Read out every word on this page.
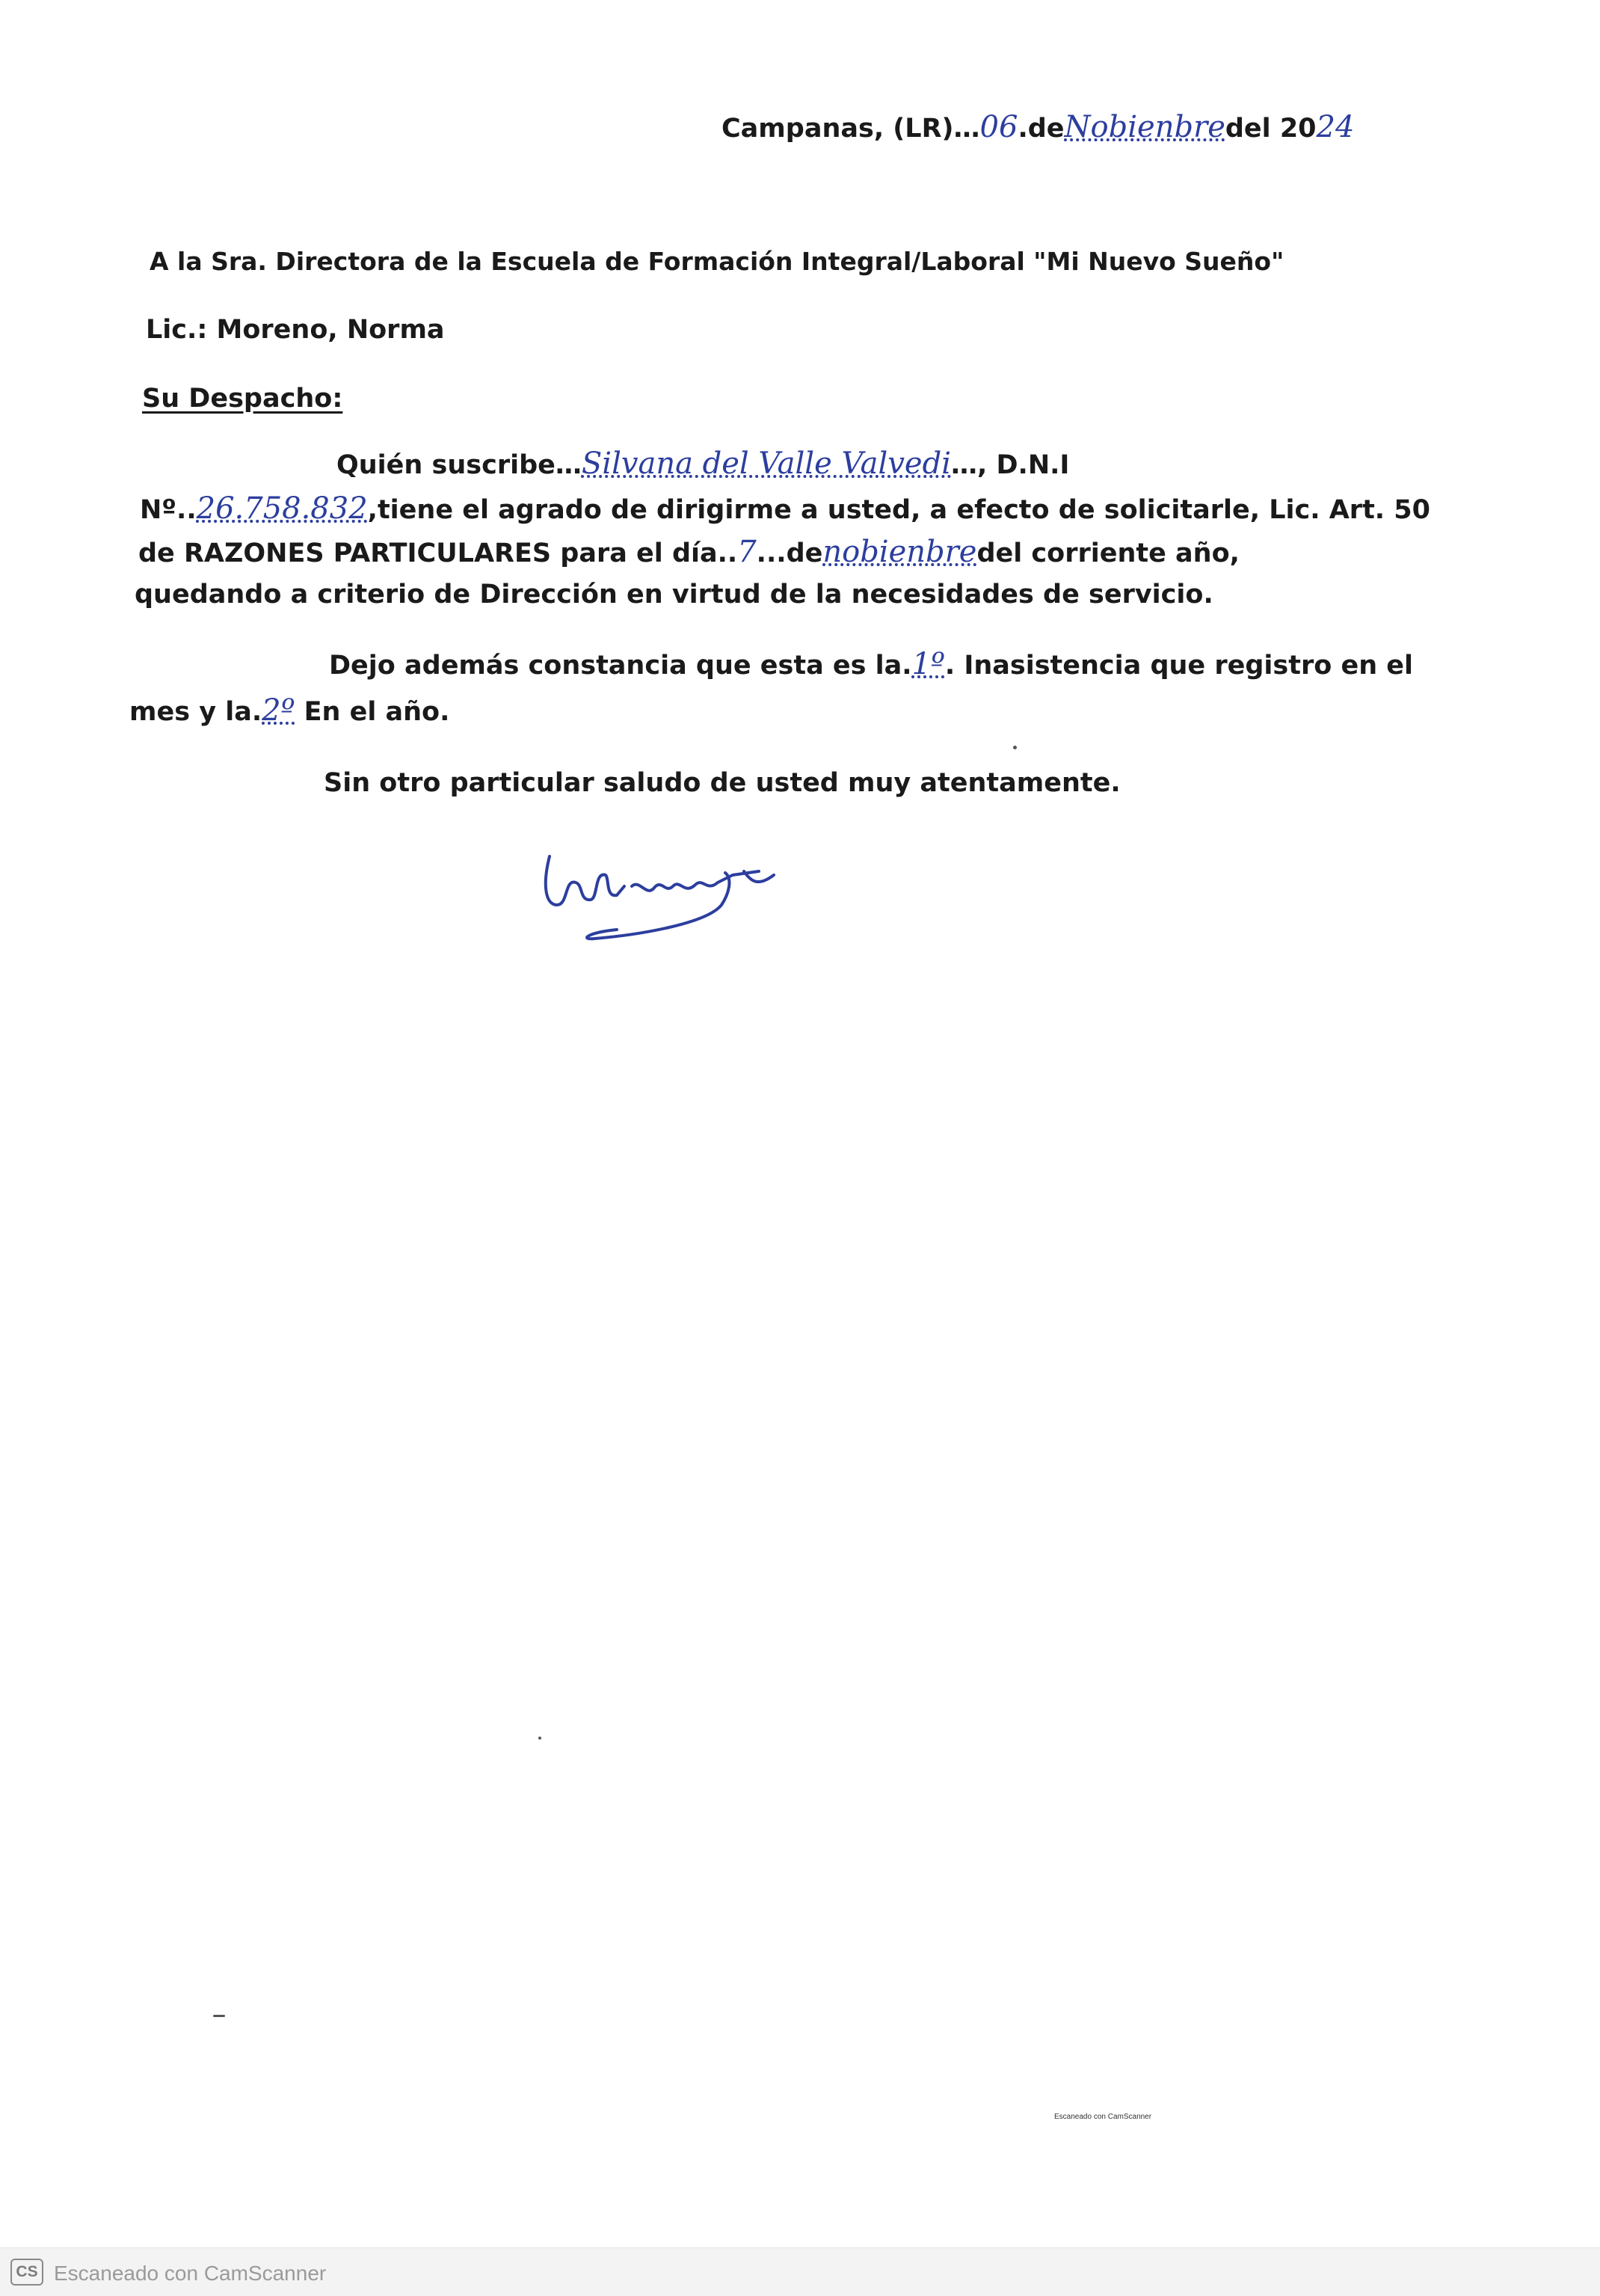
Campanas, (LR)…06.deNobienbredel 2024
A la Sra. Directora de la Escuela de Formación Integral/Laboral "Mi Nuevo Sueño"
Lic.: Moreno, Norma
Su Despacho:
Quién suscribe…Silvana del Valle Valvedi…, D.N.I
Nº..26.758.832,tiene el agrado de dirigirme a usted, a efecto de solicitarle, Lic. Art. 50
de RAZONES PARTICULARES para el día..7...denobienbredel corriente año,
quedando a criterio de Dirección en virtud de la necesidades de servicio.
Dejo además constancia que esta es la.1º. Inasistencia que registro en el
mes y la.2º En el año.
Sin otro particular saludo de usted muy atentamente.
Escaneado con CamScanner
CS Escaneado con CamScanner
